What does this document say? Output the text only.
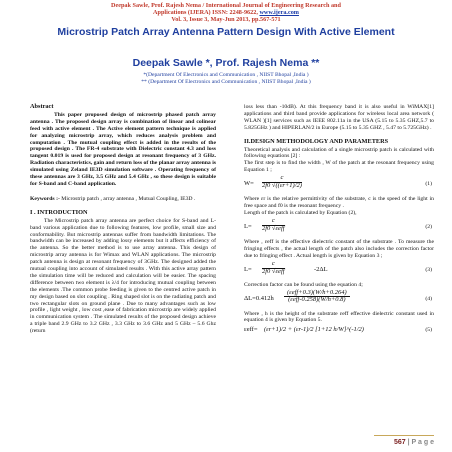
Deepak Sawle, Prof. Rajesh Nema / International Journal of Engineering Research and
Applications (IJERA) ISSN: 2248-9622, www.ijera.com
Vol. 3, Issue 3, May-Jun 2013, pp.567-571
Microstrip Patch Array Antenna Pattern Design With Active Element
Deepak Sawle *, Prof. Rajesh Nema **
*(Department Of Electronics and Communication , NIIST Bhopal ,India )
** (Department Of Electronics and Communication , NIIST Bhopal ,India )

Abstract

This paper proposed design of microstrip phased patch array antenna . The proposed design array is combination of linear and colinear feed with active element . The Active element pattern technique is applied for analyzing microstrip array, which reduces analysis problem and computation . The mutual coupling effect is added in the results of the proposed design . The FR-4 substrate with Dielectric constant 4.3 and loss tangent 0.019 is used for proposed design at resonant frequency of 3 GHz. Radiation characteristics, gain and return loss of the planar array antenna is simulated using Zeland IE3D simulation software . Operating frequency of these antennas are 3 GHz, 3.5 GHz and 5.4 GHz , so these design is suitable for S-band and C-band application.

Keywords :- Microstrip patch , array antenna , Mutual Coupling, IE3D .

I . INTRODUCTION

The Microstrip patch array antenna are perfect choice for S-band and L-band various application due to following features, low profile, small size and conformability. But microstrip antennas suffer from bandwidth limitations. The bandwidth can be increased by adding lossy elements but it affects efficiency of the antenna. So the better method is to use array antenna. This design of microstrip array antenna is for Wimax and WLAN applications. The microstrip patch antenna is design at resonant frequency of 3GHz. The designed added the mutual coupling into account of simulated results . With this active array pattern the simulation time will be reduced and calculation will be easier. The spacing difference between two element is λ/4 for introducing mutual coupling between the elements .The common probe feeding is given to the centred active patch in my design based on slot coupling . Ring shaped slot is on the radiating patch and two rectangular slots on ground plane . Due to many advantages such as low profile , light weight , low cost ,ease of fabrication microstrip are widely applied in communication system . The simulated results of the proposed design achieve a triple band 2.9 GHz to 3.2 GHz , 3.3 GHz to 3.6 GHz and 5 GHz – 5.6 Ghz (return

loss less than -10dB). At this frequency band it is also useful in WiMAX[1] applications and third band provide applications for wireless local area network ( WLAN )[1] services such as IEEE 802.11a in the USA (5.15 to 5.35 GHZ,5.7 to 5.825GHz ) and HIPERLAN/2 in Europe (5.15 to 5.35 GHZ , 5.47 to 5.725GHz) .

II.DESIGN METHODOLOGY AND PARAMETERS

Theoretical analysis and calculation of a single microstrip patch is calculated with following equations [2] :

The first step is to find the width , W of the patch at the resonant frequency using Equation 1 ;

$W= \frac{c}{2f0 √((\varepsilon r+1)/2)}$	(1)

Where εr is the relative permittivity of the substrate, c is the speed of the light in free space and f0 is the resonant frequency .

Length of the patch is calculated by Equation (2),

L=
c
2f0 √εeff	(2)

Where , εeff is the effective dielectric constant of the substrate . To measure the fringing effects , the actual length of the patch also includes the correction factor due to fringing effect . Actual length is given by Equation 3 ;

L=
c
2f0 √εeff	-2ΔL	(3)

Correction factor can be found using the equation 4;

ΔL=0.412h
(εeff+0.3)(W/h+0.264)
(εeff-0.258)(W/h+0.8)	(4)

Where , h is the height of the substrate εeff effective dielectric constant used in equation 4 is given by Equation 5.

εeff= (εr+1)/2 + (εr-1)/2 [1+12 h/W]^(-1/2)	(5)
567 | P a g e
